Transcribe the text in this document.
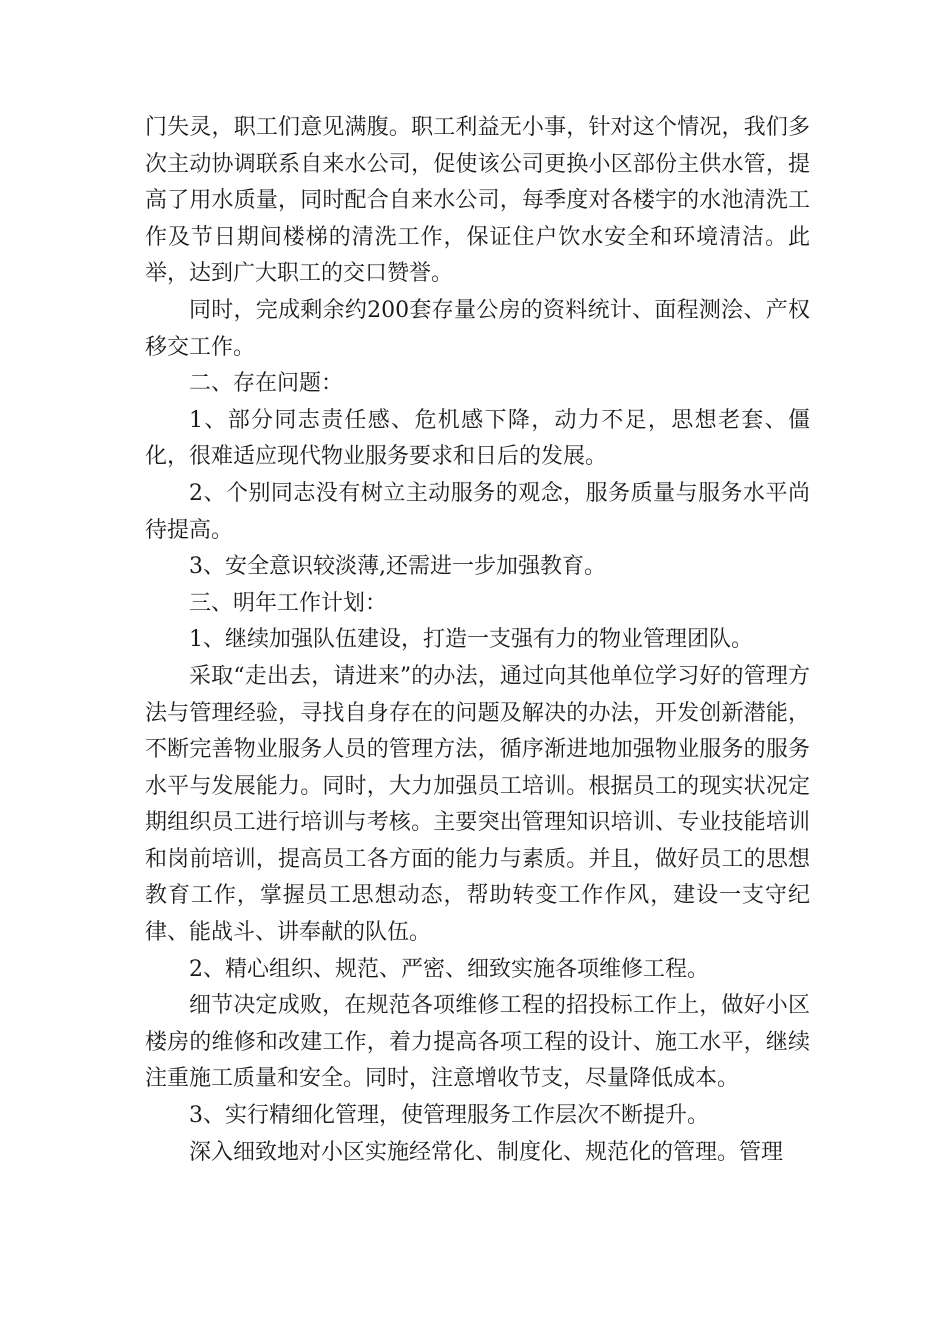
门失灵，职工们意见满腹。职工利益无小事，针对这个情况，我们多次主动协调联系自来水公司，促使该公司更换小区部份主供水管，提高了用水质量，同时配合自来水公司，每季度对各楼宇的水池清洗工作及节日期间楼梯的清洗工作，保证住户饮水安全和环境清洁。此举，达到广大职工的交口赞誉。

同时，完成剩余约200套存量公房的资料统计、面程测浍、产权移交工作。

二、存在问题：

1、部分同志责任感、危机感下降，动力不足，思想老套、僵化，很难适应现代物业服务要求和日后的发展。

2、个别同志没有树立主动服务的观念，服务质量与服务水平尚待提高。

3、安全意识较淡薄,还需进一步加强教育。

三、明年工作计划：

1、继续加强队伍建设，打造一支强有力的物业管理团队。

采取“走出去，请进来”的办法，通过向其他单位学习好的管理方法与管理经验，寻找自身存在的问题及解决的办法，开发创新潜能，不断完善物业服务人员的管理方法，循序渐进地加强物业服务的服务水平与发展能力。同时，大力加强员工培训。根据员工的现实状况定期组织员工进行培训与考核。主要突出管理知识培训、专业技能培训和岗前培训，提高员工各方面的能力与素质。并且，做好员工的思想教育工作，掌握员工思想动态，帮助转变工作作风，建设一支守纪律、能战斗、讲奉献的队伍。

2、精心组织、规范、严密、细致实施各项维修工程。

细节决定成败，在规范各项维修工程的招投标工作上，做好小区楼房的维修和改建工作，着力提高各项工程的设计、施工水平，继续注重施工质量和安全。同时，注意增收节支，尽量降低成本。

3、实行精细化管理，使管理服务工作层次不断提升。

深入细致地对小区实施经常化、制度化、规范化的管理。管理
